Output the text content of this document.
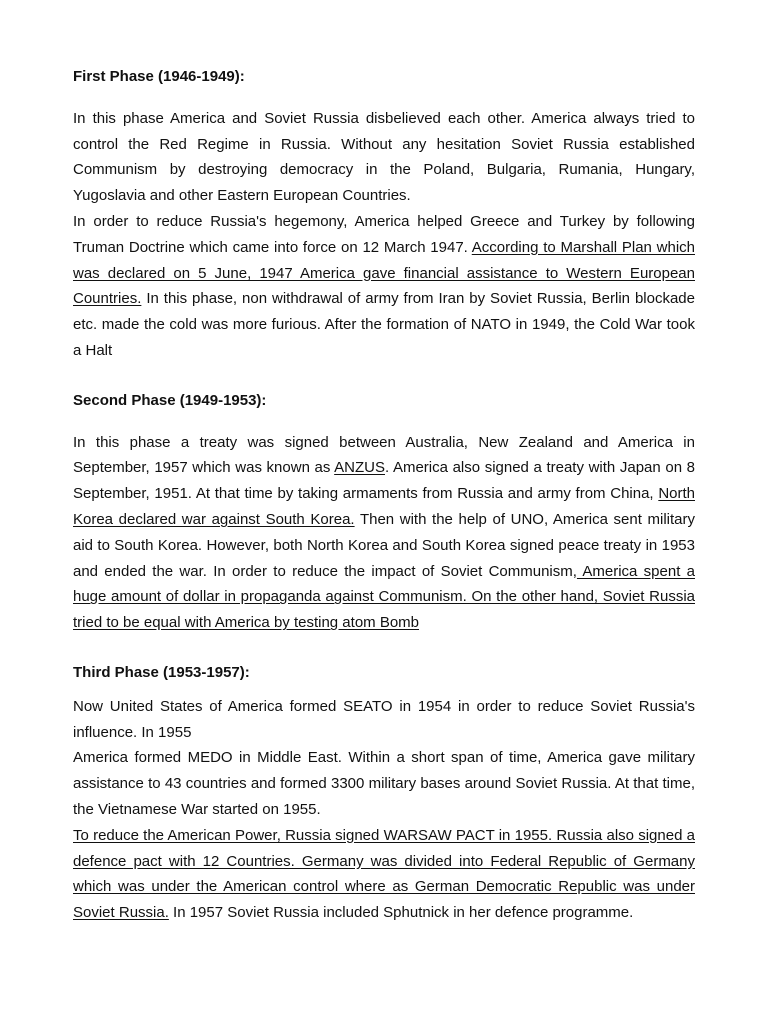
First Phase (1946-1949):

In this phase America and Soviet Russia disbelieved each other. America always tried to control the Red Regime in Russia. Without any hesitation Soviet Russia established Communism by destroying democracy in the Poland, Bulgaria, Rumania, Hungary, Yugoslavia and other Eastern European Countries.

In order to reduce Russia's hegemony, America helped Greece and Turkey by following Truman Doctrine which came into force on 12 March 1947. According to Marshall Plan which was declared on 5 June, 1947 America gave financial assistance to Western European Countries. In this phase, non withdrawal of army from Iran by Soviet Russia, Berlin blockade etc. made the cold was more furious. After the formation of NATO in 1949, the Cold War took a Halt

Second Phase (1949-1953):

In this phase a treaty was signed between Australia, New Zealand and America in September, 1957 which was known as ANZUS. America also signed a treaty with Japan on 8 September, 1951. At that time by taking armaments from Russia and army from China, North Korea declared war against South Korea. Then with the help of UNO, America sent military aid to South Korea. However, both North Korea and South Korea signed peace treaty in 1953 and ended the war. In order to reduce the impact of Soviet Communism, America spent a huge amount of dollar in propaganda against Communism. On the other hand, Soviet Russia tried to be equal with America by testing atom Bomb

Third Phase (1953-1957):

Now United States of America formed SEATO in 1954 in order to reduce Soviet Russia's influence. In 1955

America formed MEDO in Middle East. Within a short span of time, America gave military assistance to 43 countries and formed 3300 military bases around Soviet Russia. At that time, the Vietnamese War started on 1955.

To reduce the American Power, Russia signed WARSAW PACT in 1955. Russia also signed a defence pact with 12 Countries. Germany was divided into Federal Republic of Germany which was under the American control where as German Democratic Republic was under Soviet Russia. In 1957 Soviet Russia included Sphutnick in her defence programme.
